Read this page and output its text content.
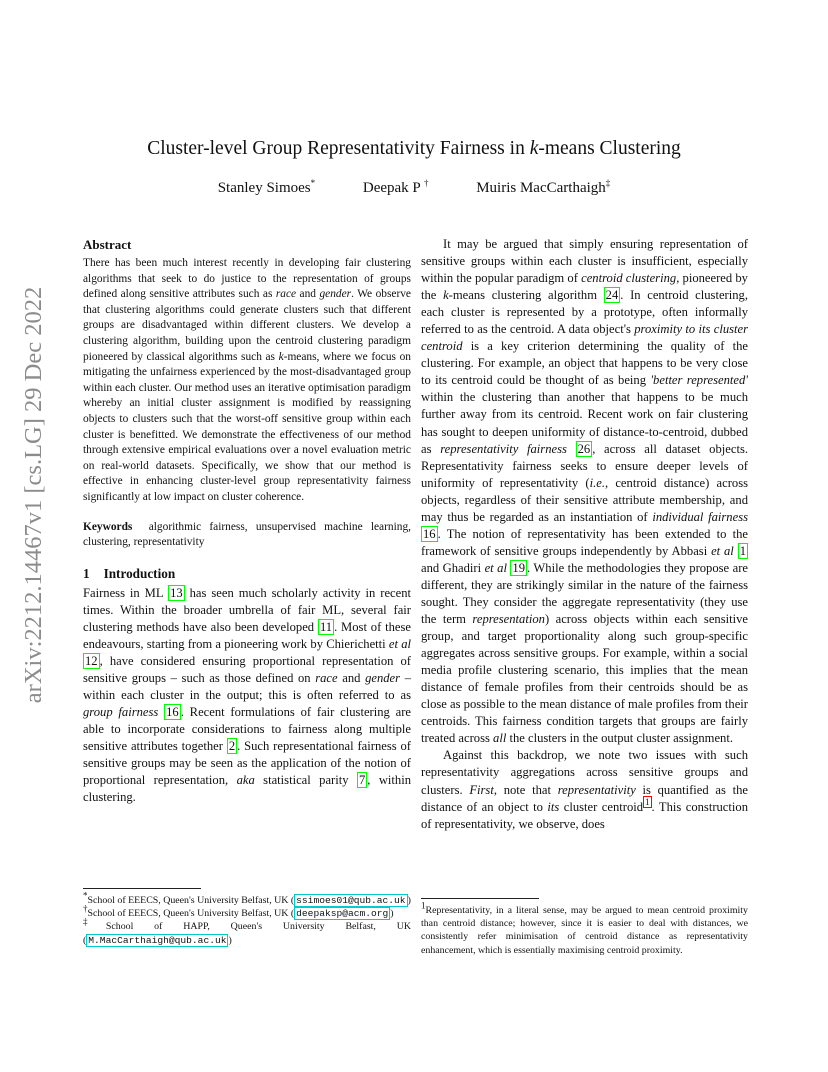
Cluster-level Group Representativity Fairness in k-means Clustering
Stanley Simoes*	Deepak P †	Muiris MacCarthaigh‡
arXiv:2212.14467v1 [cs.LG] 29 Dec 2022

Abstract

There has been much interest recently in developing fair clustering algorithms that seek to do justice to the representation of groups defined along sensitive attributes such as race and gender. We observe that clustering algorithms could generate clusters such that different groups are disadvantaged within different clusters. We develop a clustering algorithm, building upon the centroid clustering paradigm pioneered by classical algorithms such as k-means, where we focus on mitigating the unfairness experienced by the most-disadvantaged group within each cluster. Our method uses an iterative optimisation paradigm whereby an initial cluster assignment is modified by reassigning objects to clusters such that the worst-off sensitive group within each cluster is benefitted. We demonstrate the effectiveness of our method through extensive empirical evaluations over a novel evaluation metric on real-world datasets. Specifically, we show that our method is effective in enhancing cluster-level group representativity fairness significantly at low impact on cluster coherence.

Keywords algorithmic fairness, unsupervised machine learning, clustering, representativity

1 Introduction

Fairness in ML 13 has seen much scholarly activity in recent times. Within the broader umbrella of fair ML, several fair clustering methods have also been developed 11 . Most of these endeavours, starting from a pioneering work by Chierichetti et al 12 , have considered ensuring proportional representation of sensitive groups – such as those defined on race and gender – within each cluster in the output; this is often referred to as group fairness 16 . Recent formulations of fair clustering are able to incorporate considerations to fairness along multiple sensitive attributes together 2 . Such representational fairness of sensitive groups may be seen as the application of the notion of proportional representation, aka statistical parity 7 , within clustering.

*School of EEECS, Queen's University Belfast, UK ( ssimoes01@qub.ac.uk )

†School of EEECS, Queen's University Belfast, UK ( deepaksp@acm.org )

‡School of HAPP, Queen's University Belfast, UK ( M.MacCarthaigh@qub.ac.uk )

It may be argued that simply ensuring representation of sensitive groups within each cluster is insufficient, especially within the popular paradigm of centroid clustering, pioneered by the k-means clustering algorithm 24 . In centroid clustering, each cluster is represented by a prototype, often informally referred to as the centroid. A data object's proximity to its cluster centroid is a key criterion determining the quality of the clustering. For example, an object that happens to be very close to its centroid could be thought of as being 'better represented' within the clustering than another that happens to be much further away from its centroid. Recent work on fair clustering has sought to deepen uniformity of distance-to-centroid, dubbed as representativity fairness 26 , across all dataset objects. Representativity fairness seeks to ensure deeper levels of uniformity of representativity (i.e., centroid distance) across objects, regardless of their sensitive attribute membership, and may thus be regarded as an instantiation of individual fairness 16 . The notion of representativity has been extended to the framework of sensitive groups independently by Abbasi et al 1 and Ghadiri et al 19 . While the methodologies they propose are different, they are strikingly similar in the nature of the fairness sought. They consider the aggregate representativity (they use the term representation) across objects within each sensitive group, and target proportionality along such group-specific aggregates across sensitive groups. For example, within a social media profile clustering scenario, this implies that the mean distance of female profiles from their centroids should be as close as possible to the mean distance of male profiles from their centroids. This fairness condition targets that groups are fairly treated across all the clusters in the output cluster assignment.

Against this backdrop, we note two issues with such representativity aggregations across sensitive groups and clusters. First, note that representativity is quantified as the distance of an object to its cluster centroid $^1$ . This construction of representativity, we observe, does

$^1$Representativity, in a literal sense, may be argued to mean centroid proximity than centroid distance; however, since it is easier to deal with distances, we consistently refer minimisation of centroid distance as representativity enhancement, which is essentially maximising centroid proximity.
